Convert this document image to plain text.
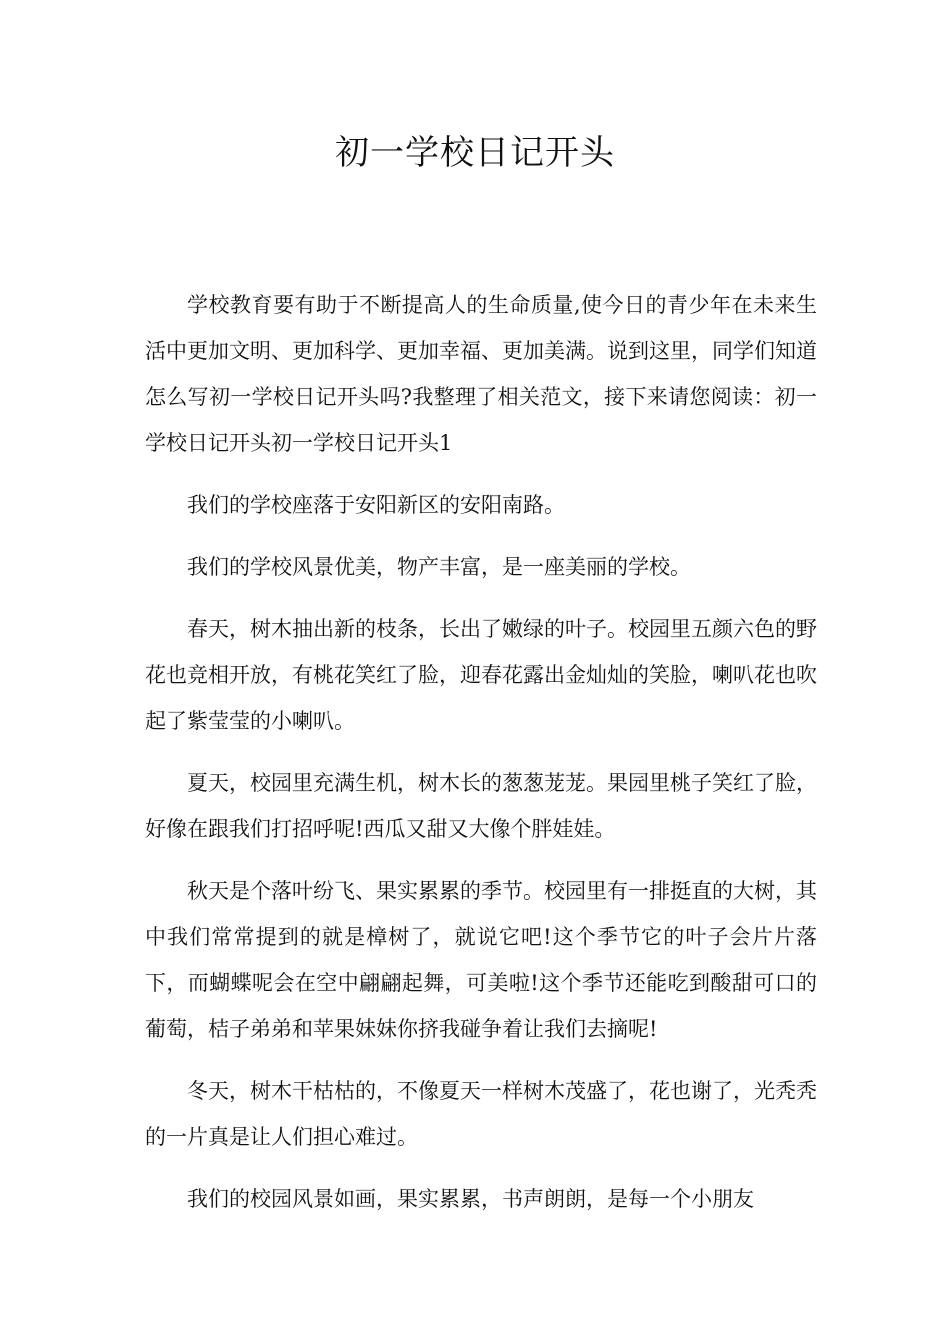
初一学校日记开头

学校教育要有助于不断提高人的生命质量,使今日的青少年在未来生活中更加文明、更加科学、更加幸福、更加美满。说到这里，同学们知道怎么写初一学校日记开头吗?我整理了相关范文，接下来请您阅读：初一学校日记开头初一学校日记开头1

我们的学校座落于安阳新区的安阳南路。

我们的学校风景优美，物产丰富，是一座美丽的学校。

春天，树木抽出新的枝条，长出了嫩绿的叶子。校园里五颜六色的野花也竞相开放，有桃花笑红了脸，迎春花露出金灿灿的笑脸，喇叭花也吹起了紫莹莹的小喇叭。

夏天，校园里充满生机，树木长的葱葱茏茏。果园里桃子笑红了脸，好像在跟我们打招呼呢!西瓜又甜又大像个胖娃娃。

秋天是个落叶纷飞、果实累累的季节。校园里有一排挺直的大树，其中我们常常提到的就是樟树了，就说它吧!这个季节它的叶子会片片落下，而蝴蝶呢会在空中翩翩起舞，可美啦!这个季节还能吃到酸甜可口的葡萄，桔子弟弟和苹果妹妹你挤我碰争着让我们去摘呢!

冬天，树木干枯枯的，不像夏天一样树木茂盛了，花也谢了，光秃秃的一片真是让人们担心难过。

我们的校园风景如画，果实累累，书声朗朗，是每一个小朋友
